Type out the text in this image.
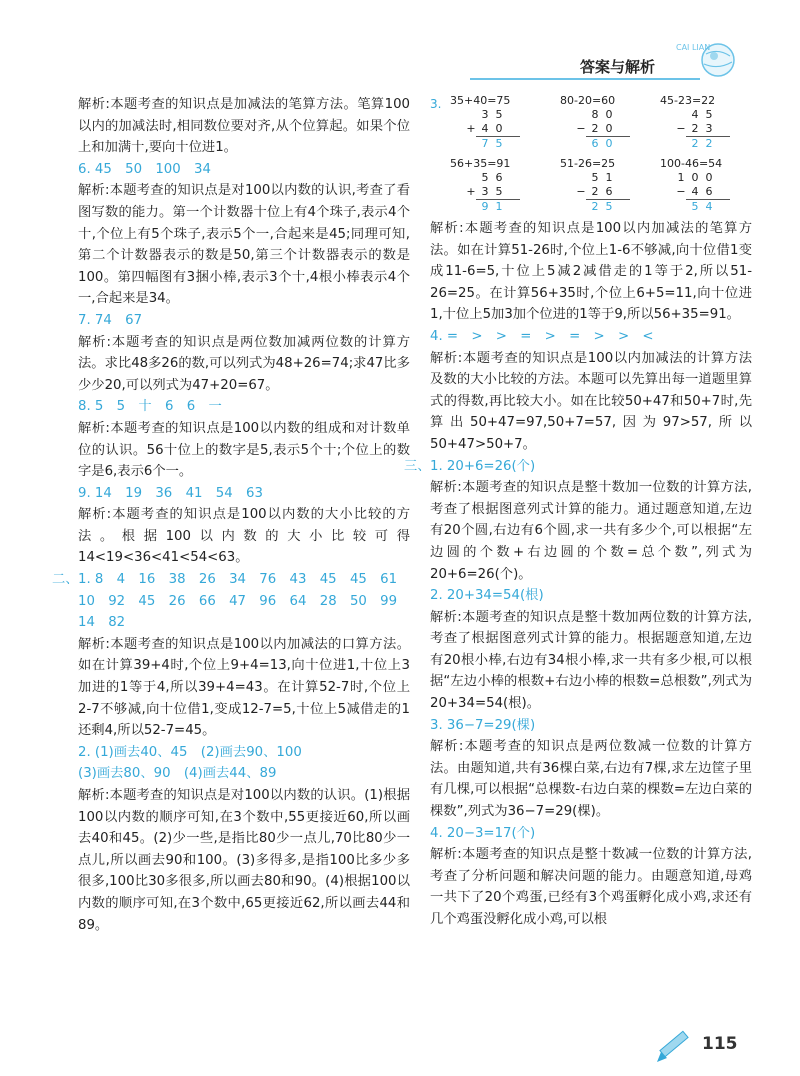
答案与解析
CAI LIAN

解析:本题考查的知识点是加减法的笔算方法。笔算100以内的加减法时,相同数位要对齐,从个位算起。如果个位上和加满十,要向十位进1。

6. 45　50　100　34

解析:本题考查的知识点是对100以内数的认识,考查了看图写数的能力。第一个计数器十位上有4个珠子,表示4个十,个位上有5个珠子,表示5个一,合起来是45;同理可知,第二个计数器表示的数是50,第三个计数器表示的数是100。第四幅图有3捆小棒,表示3个十,4根小棒表示4个一,合起来是34。

7. 74　67

解析:本题考查的知识点是两位数加减两位数的计算方法。求比48多26的数,可以列式为48+26=74;求47比多少少20,可以列式为47+20=67。

8. 5　5　十　6　6　一

解析:本题考查的知识点是100以内数的组成和对计数单位的认识。56十位上的数字是5,表示5个十;个位上的数字是6,表示6个一。

9. 14　19　36　41　54　63

解析:本题考查的知识点是100以内数的大小比较的方法。根据100以内数的大小比较可得14<19<36<41<54<63。

二、 1. 8　4　16　38　26　34　76　43　45　45　61

10　92　45　26　66　47　96　64　28　50　99

14　82

解析:本题考查的知识点是100以内加减法的口算方法。如在计算39+4时,个位上9+4=13,向十位进1,十位上3加进的1等于4,所以39+4=43。在计算52-7时,个位上2-7不够减,向十位借1,变成12-7=5,十位上5减借走的1还剩4,所以52-7=45。

2. (1)画去40、45　(2)画去90、100

(3)画去80、90　(4)画去44、89

解析:本题考查的知识点是对100以内数的认识。(1)根据100以内数的顺序可知,在3个数中,55更接近60,所以画去40和45。(2)少一些,是指比80少一点儿,70比80少一点儿,所以画去90和100。(3)多得多,是指100比多少多很多,100比30多很多,所以画去80和90。(4)根据100以内数的顺序可知,在3个数中,65更接近62,所以画去44和89。

3. 35+40=75
3 5
+ 4 0
7 5
80-20=60
8 0
− 2 0
6 0
45-23=22
4 5
− 2 3
2 2
56+35=91
5 6
+ 3 5
9 1
51-26=25
5 1
− 2 6
2 5
100-46=54
1 0 0
− 4 6
5 4

解析:本题考查的知识点是100以内加减法的笔算方法。如在计算51-26时,个位上1-6不够减,向十位借1变成11-6=5,十位上5减2减借走的1等于2,所以51-26=25。在计算56+35时,个位上6+5=11,向十位进1,十位上5加3加个位进的1等于9,所以56+35=91。

4. =　>　>　=　>　=　>　>　<

解析:本题考查的知识点是100以内加减法的计算方法及数的大小比较的方法。本题可以先算出每一道题里算式的得数,再比较大小。如在比较50+47和50+7时,先算出50+47=97,50+7=57,因为97>57,所以50+47>50+7。

三、 1. 20+6=26(个)

解析:本题考查的知识点是整十数加一位数的计算方法,考查了根据图意列式计算的能力。通过题意知道,左边有20个圆,右边有6个圆,求一共有多少个,可以根据“左边圆的个数+右边圆的个数=总个数”,列式为20+6=26(个)。

2. 20+34=54(根)

解析:本题考查的知识点是整十数加两位数的计算方法,考查了根据图意列式计算的能力。根据题意知道,左边有20根小棒,右边有34根小棒,求一共有多少根,可以根据“左边小棒的根数+右边小棒的根数=总根数”,列式为20+34=54(根)。

3. 36−7=29(棵)

解析:本题考查的知识点是两位数减一位数的计算方法。由题知道,共有36棵白菜,右边有7棵,求左边筐子里有几棵,可以根据“总棵数-右边白菜的棵数=左边白菜的棵数”,列式为36−7=29(棵)。

4. 20−3=17(个)

解析:本题考查的知识点是整十数减一位数的计算方法,考查了分析问题和解决问题的能力。由题意知道,母鸡一共下了20个鸡蛋,已经有3个鸡蛋孵化成小鸡,求还有几个鸡蛋没孵化成小鸡,可以根

115
